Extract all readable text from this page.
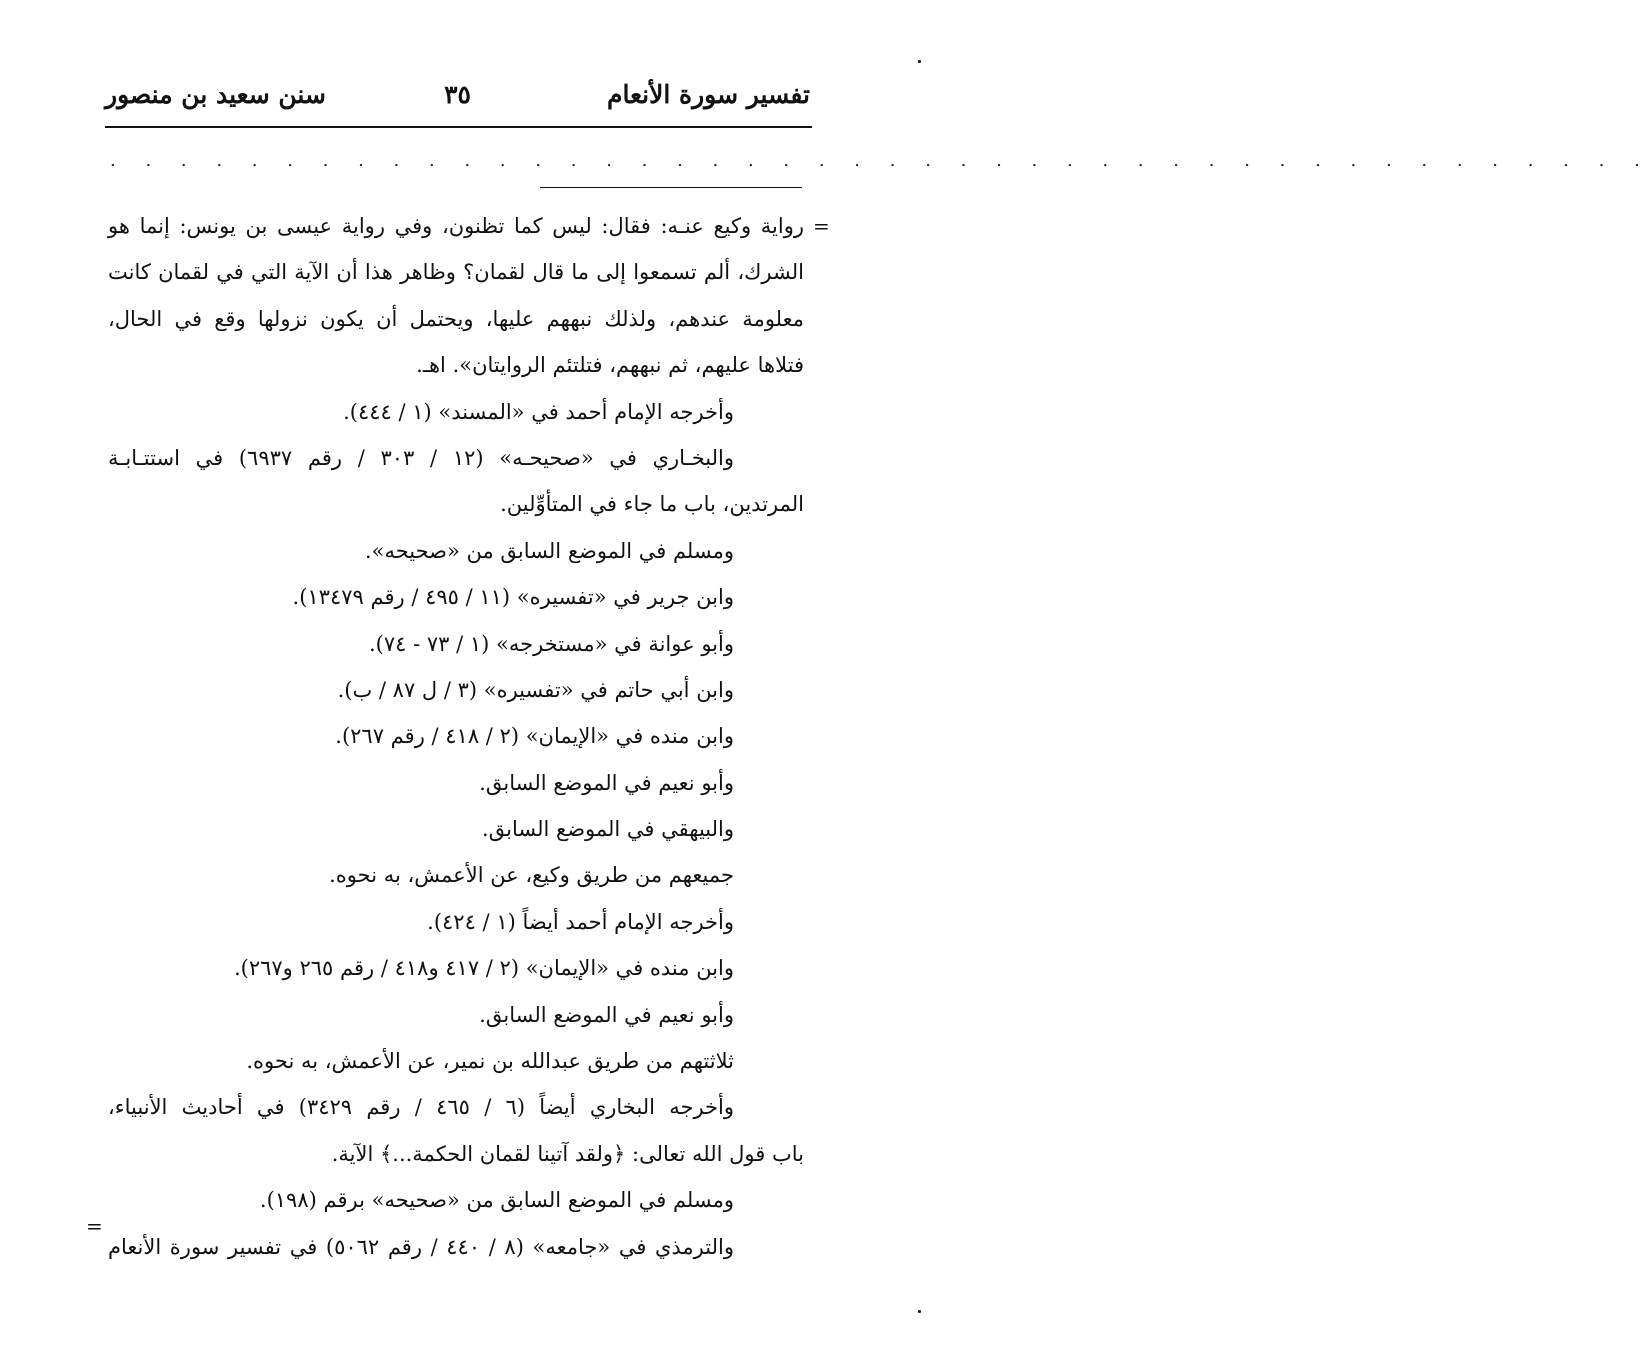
تفسير سورة الأنعام
٣٥
سنن سعيد بن منصور
. . . . . . . . . . . . . . . . . . . . . . . . . . . . . . . . . . . . . . . . . . . .
=
=
رواية وكيع عنـه: فقال: ليس كما تظنون، وفي رواية عيسى بن يونس: إنما هو
الشرك، ألم تسمعوا إلى ما قال لقمان؟ وظاهر هذا أن الآية التي في لقمان كانت
معلومة عندهم، ولذلك نبههم عليها، ويحتمل أن يكون نزولها وقع في الحال،
فتلاها عليهم، ثم نبههم، فتلتئم الروايتان». اهـ.
وأخرجه الإمام أحمد في «المسند» (١ / ٤٤٤).
والبخـاري في «صحيحـه» (١٢ / ٣٠٣ / رقم ٦٩٣٧) في استتـابـة
المرتدين، باب ما جاء في المتأوِّلين.
ومسلم في الموضع السابق من «صحيحه».
وابن جرير في «تفسيره» (١١ / ٤٩٥ / رقم ١٣٤٧٩).
وأبو عوانة في «مستخرجه» (١ / ٧٣ - ٧٤).
وابن أبي حاتم في «تفسيره» (٣ / ل ٨٧ / ب).
وابن منده في «الإيمان» (٢ / ٤١٨ / رقم ٢٦٧).
وأبو نعيم في الموضع السابق.
والبيهقي في الموضع السابق.
جميعهم من طريق وكيع، عن الأعمش، به نحوه.
وأخرجه الإمام أحمد أيضاً (١ / ٤٢٤).
وابن منده في «الإيمان» (٢ / ٤١٧ و٤١٨ / رقم ٢٦٥ و٢٦٧).
وأبو نعيم في الموضع السابق.
ثلاثتهم من طريق عبدالله بن نمير، عن الأعمش، به نحوه.
وأخرجه البخاري أيضاً (٦ / ٤٦٥ / رقم ٣٤٢٩) في أحاديث الأنبياء،
باب قول الله تعالى: ﴿ولقد آتينا لقمان الحكمة...﴾ الآية.
ومسلم في الموضع السابق من «صحيحه» برقم (١٩٨).
والترمذي في «جامعه» (٨ / ٤٤٠ / رقم ٥٠٦٢) في تفسير سورة الأنعام
